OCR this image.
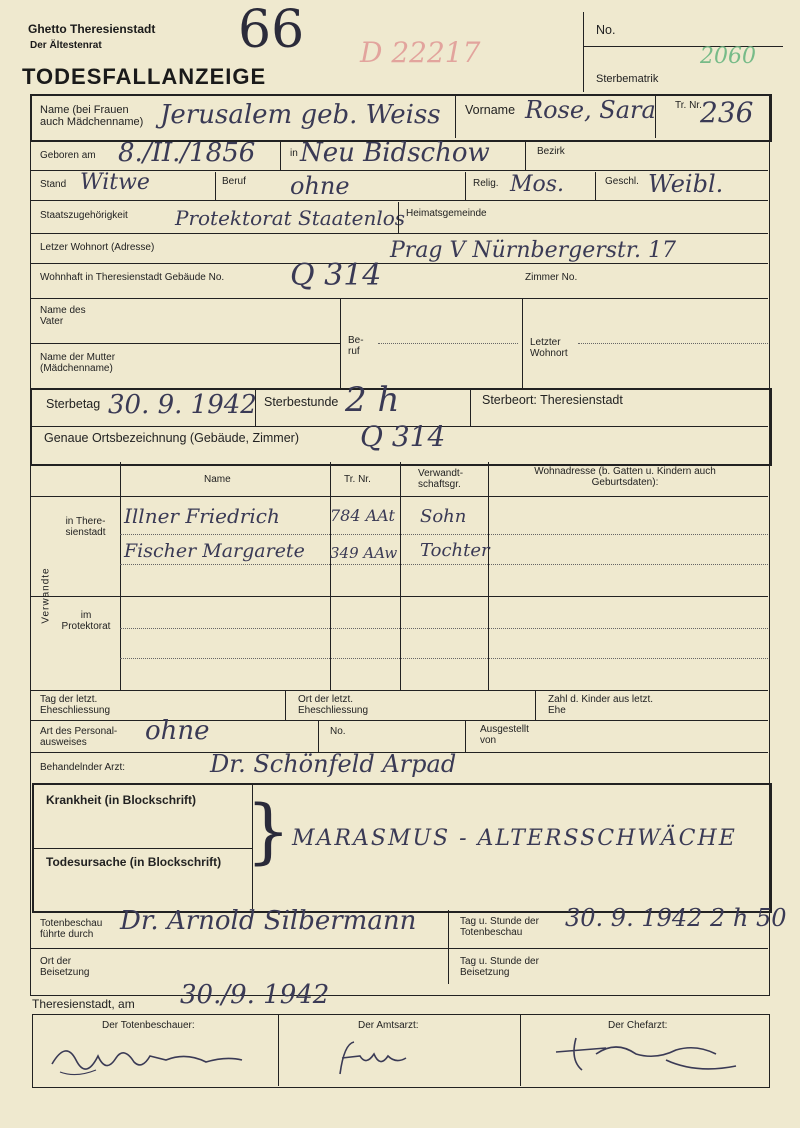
Ghetto Theresienstadt
Der Ältestenrat
TODESFALLANZEIGE
66 D 22217
No.
Sterbematrik
2060
Name (bei Frauen auch Mädchenname) Jerusalem geb. Weiss Vorname Rose, Sara Tr. Nr.
236
Geboren am 8./II./1856	in Neu Bidschow	Bezirk
Stand Witwe	Beruf ohne	Relig. Mos.	Geschl. Weibl.
Staatszugehörigkeit Protektorat Staatenlos Heimatsgemeinde
Letzer Wohnort (Adresse)	Prag V Nürnbergerstr. 17
Wohnhaft in Theresienstadt Gebäude No. Q 314	Zimmer No.
Name des Vater
Name der Mutter (Mädchenname)
Be- ruf
Letzter Wohnort
Sterbetag 30. 9. 1942 Sterbestunde 2 h	Sterbeort: Theresienstadt
Genaue Ortsbezeichnung (Gebäude, Zimmer) Q 314
Name	Tr. Nr.
Verwandt- schaftsgr.
Wohnadresse (b. Gatten u. Kindern auch Geburtsdaten):
Verwandte
in There- sienstadt
im Protektorat
Illner Friedrich	784 AAt Sohn
Fischer Margarete 349 AAw Tochter
Tag der letzt. Eheschliessung
Ort der letzt. Eheschliessung
Zahl d. Kinder aus letzt. Ehe
Art des Personal- ausweises	ohne	No.	Ausgestellt von
Behandelnder Arzt:	Dr. Schönfeld Arpad
Krankheit (in Blockschrift)
Todesursache (in Blockschrift) } MARASMUS - ALTERSSCHWÄCHE
Totenbeschau führte durch	Dr. Arnold Silbermann	Tag u. Stunde der Totenbeschau
30. 9. 1942 2 h 50
Ort der Beisetzung
Tag u. Stunde der Beisetzung
Theresienstadt, am 30./9. 1942
Der Totenbeschauer:	Der Amtsarzt:	Der Chefarzt:
